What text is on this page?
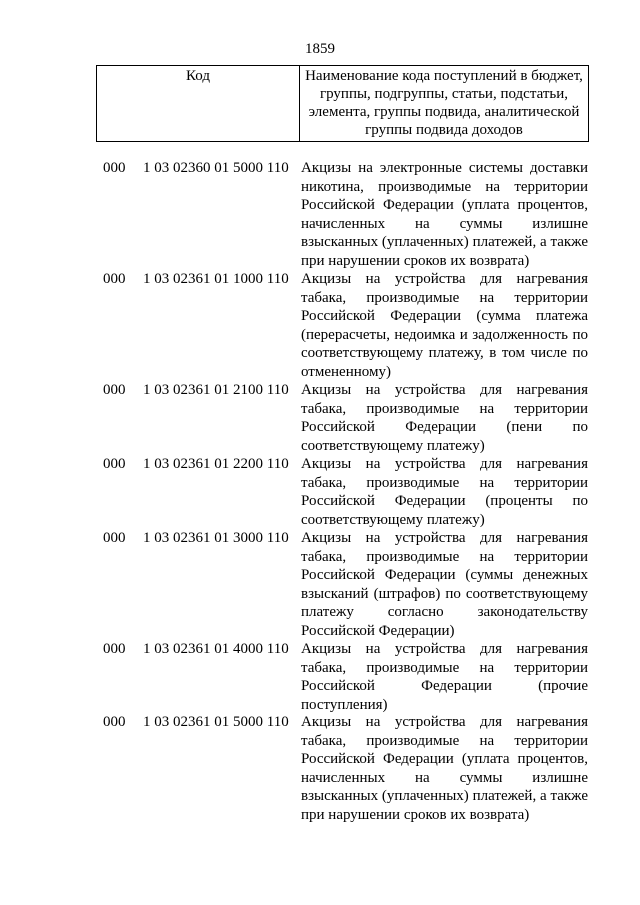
1859
Код	Наименование кода поступлений в бюджет, группы, подгруппы, статьи, подстатьи, элемента, группы подвида, аналитической группы подвида доходов
000	1 03 02360 01 5000 110 Акцизы на электронные системы доставки никотина, производимые на территории Российской Федерации (уплата процентов, начисленных на суммы излишне взысканных (уплаченных) платежей, а также при нарушении сроков их возврата)
000	1 03 02361 01 1000 110 Акцизы на устройства для нагревания табака, производимые на территории Российской Федерации (сумма платежа (перерасчеты, недоимка и задолженность по соответствующему платежу, в том числе по отмененному)
000	1 03 02361 01 2100 110 Акцизы на устройства для нагревания табака, производимые на территории Российской Федерации (пени по соответствующему платежу)
000	1 03 02361 01 2200 110 Акцизы на устройства для нагревания табака, производимые на территории Российской Федерации (проценты по соответствующему платежу)
000	1 03 02361 01 3000 110 Акцизы на устройства для нагревания табака, производимые на территории Российской Федерации (суммы денежных взысканий (штрафов) по соответствующему платежу согласно законодательству Российской Федерации)
000	1 03 02361 01 4000 110 Акцизы на устройства для нагревания табака, производимые на территории Российской Федерации (прочие поступления)
000	1 03 02361 01 5000 110 Акцизы на устройства для нагревания табака, производимые на территории Российской Федерации (уплата процентов, начисленных на суммы излишне взысканных (уплаченных) платежей, а также при нарушении сроков их возврата)
